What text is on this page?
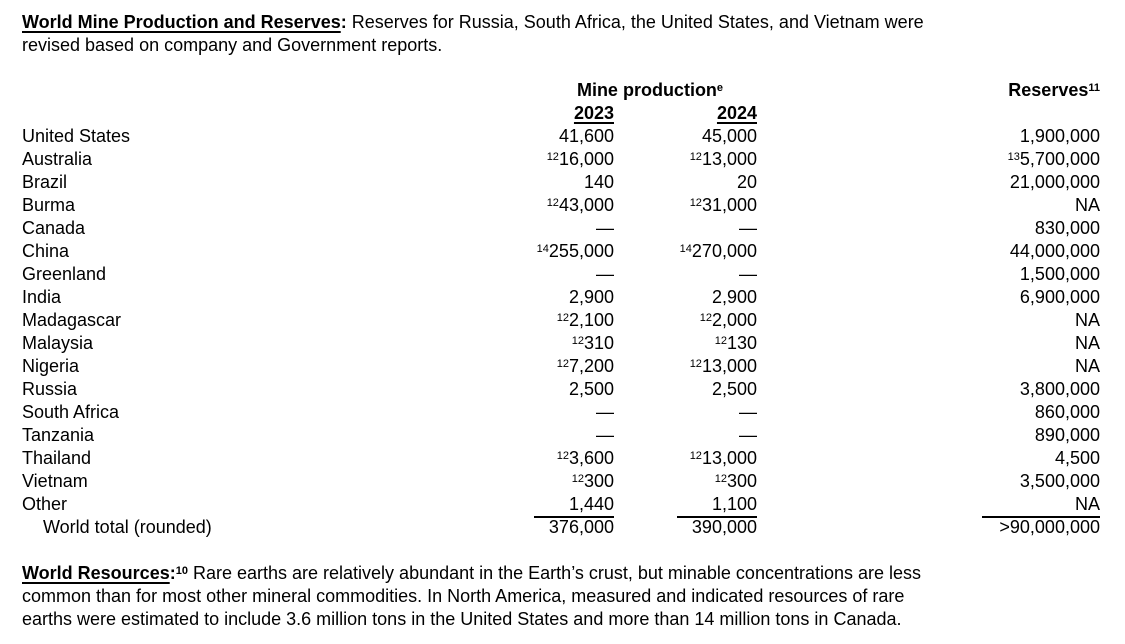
World Mine Production and Reserves: Reserves for Russia, South Africa, the United States, and Vietnam were
revised based on company and Government reports.

Mine production$^e$	Reserves$^{11}$
2023	2024
United States	41,600	45,000	1,900,000
Australia	$^{12}$16,000	$^{12}$13,000	$^{13}$5,700,000
Brazil	140	20	21,000,000
Burma	$^{12}$43,000	$^{12}$31,000	NA
Canada	—	—	830,000
China	$^{14}$255,000	$^{14}$270,000	44,000,000
Greenland	—	—	1,500,000
India	2,900	2,900	6,900,000
Madagascar	$^{12}$2,100	$^{12}$2,000	NA
Malaysia	$^{12}$310	$^{12}$130	NA
Nigeria	$^{12}$7,200	$^{12}$13,000	NA
Russia	2,500	2,500	3,800,000
South Africa	—	—	860,000
Tanzania	—	—	890,000
Thailand	$^{12}$3,600	$^{12}$13,000	4,500
Vietnam	$^{12}$300	$^{12}$300	3,500,000
Other	1,440	1,100	NA
World total (rounded)	376,000	390,000	>90,000,000

World Resources:$^{10}$ Rare earths are relatively abundant in the Earth’s crust, but minable concentrations are less
common than for most other mineral commodities. In North America, measured and indicated resources of rare
earths were estimated to include 3.6 million tons in the United States and more than 14 million tons in Canada.
